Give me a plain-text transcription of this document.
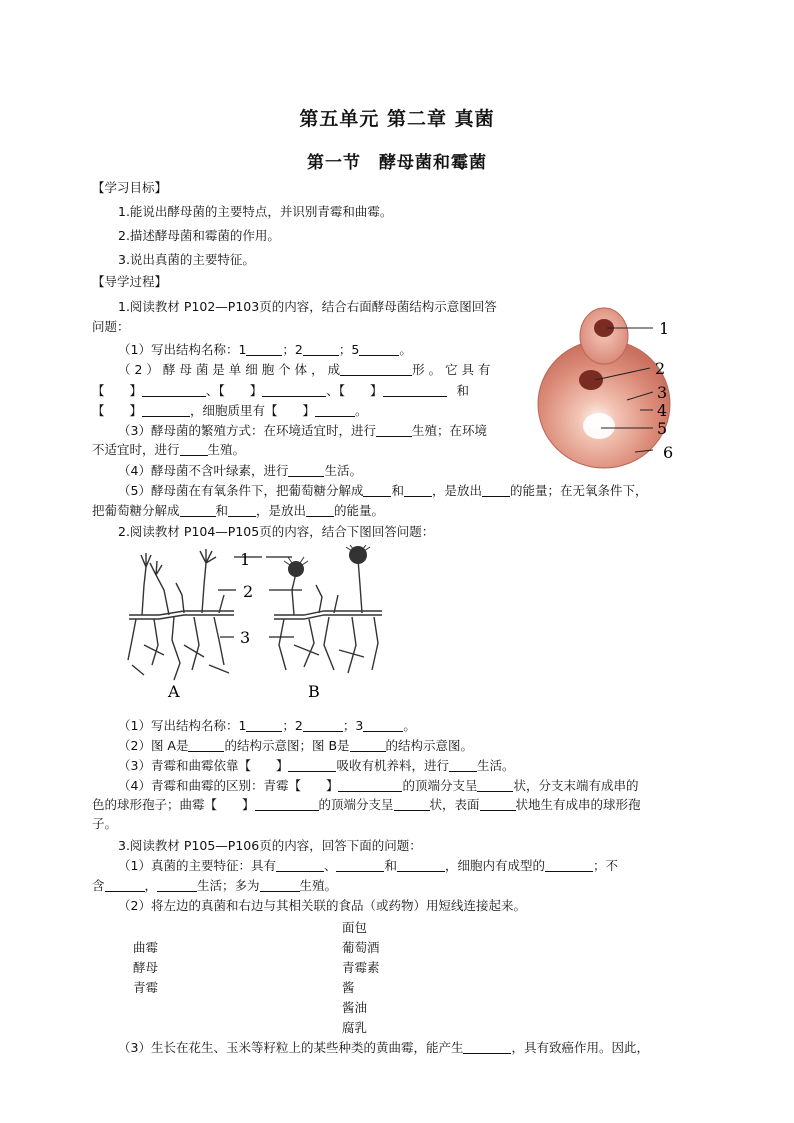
第五单元 第二章 真菌
第一节　酵母菌和霉菌
【学习目标】
1.能说出酵母菌的主要特点，并识别青霉和曲霉。
2.描述酵母菌和霉菌的作用。
3.说出真菌的主要特征。
【导学过程】
1.阅读教材 P102—P103页的内容，结合右面酵母菌结构示意图回答
问题：
（1）写出结构名称：1	；2	；5	。
（ 2 ） 酵 母 菌 是 单 细 胞 个 体 ， 成	形 。 它 具 有
【　　】	、【　　】	、【　　】	和
【　　】	，细胞质里有【　　】	。
（3）酵母菌的繁殖方式：在环境适宜时，进行	生殖；在环境
不适宜时，进行 生殖。
（4）酵母菌不含叶绿素，进行	生活。
（5）酵母菌在有氧条件下，把葡萄糖分解成 和 ，是放出 的能量；在无氧条件下，
把葡萄糖分解成	和 ，是放出 的能量。
1
2
3
4
5
6
2.阅读教材 P104—P105页的内容，结合下图回答问题：
1
2
3
A	B
（1）写出结构名称：1	；2	；3	。
（2）图 A是	的结构示意图；图 B是	的结构示意图。
（3）青霉和曲霉依靠【　　】	吸收有机养料，进行 生活。
（4）青霉和曲霉的区别：青霉【　　】	的顶端分支呈	状，分支末端有成串的
色的球形孢子；曲霉【　　】	的顶端分支呈	状，表面	状地生有成串的球形孢
子。
3.阅读教材 P105—P106页的内容，回答下面的问题：
（1）真菌的主要特征：具有	、	和	，细胞内有成型的	；不
含	，	生活；多为	生殖。
（2）将左边的真菌和右边与其相关联的食品（或药物）用短线连接起来。
面包
曲霉	葡萄酒
酵母	青霉素
青霉	酱
酱油
腐乳
（3）生长在花生、玉米等籽粒上的某些种类的黄曲霉，能产生	，具有致癌作用。因此，
